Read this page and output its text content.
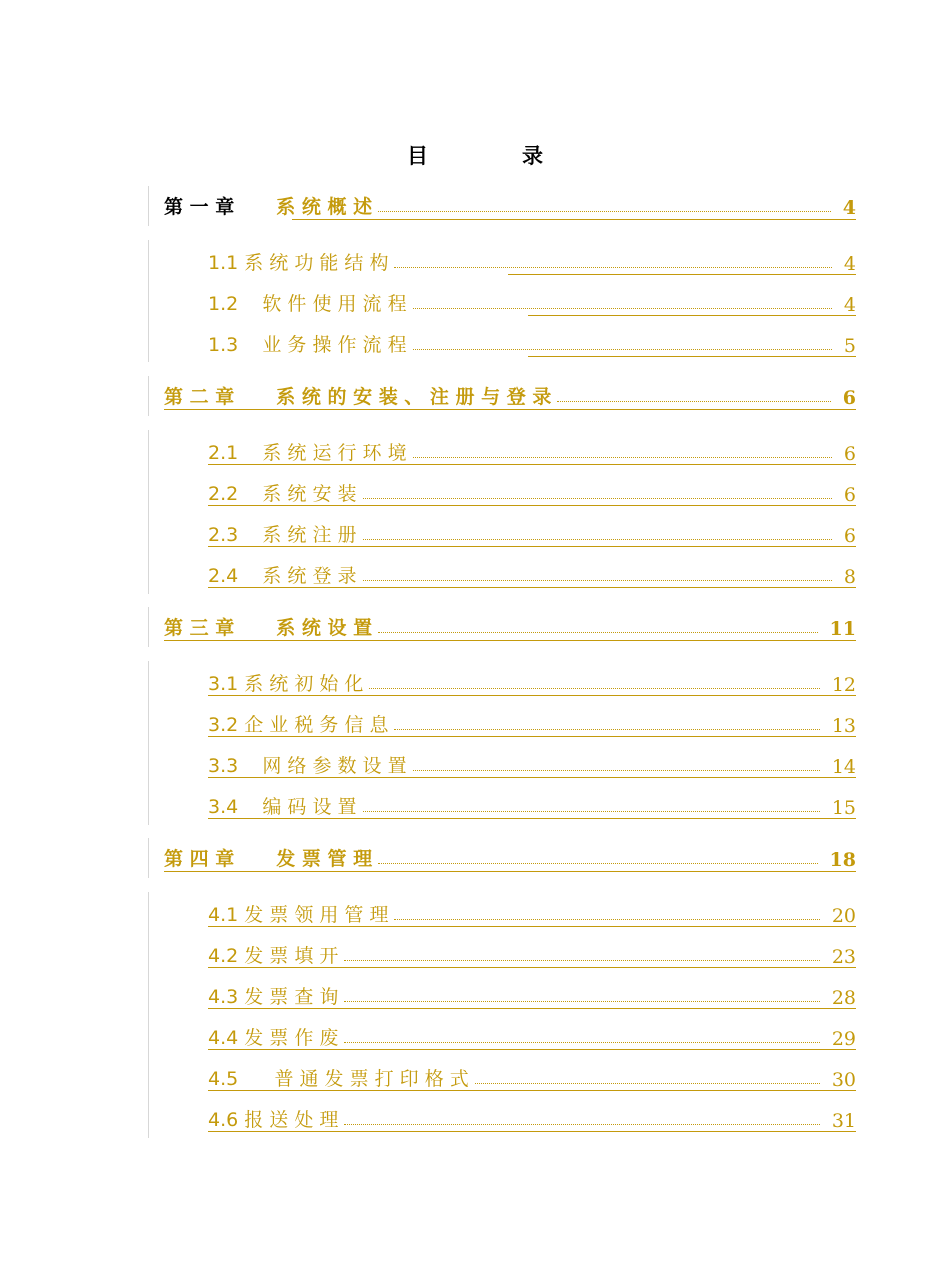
目	录
第 一 章 系 统 概 述	4
1.1 系 统 功 能 结 构	4
1.2 软 件 使 用 流 程	4
1.3 业 务 操 作 流 程	5
第 二 章 系 统 的 安 装 、 注 册 与 登 录	6
2.1 系 统 运 行 环 境	6
2.2 系 统 安 装	6
2.3 系 统 注 册	6
2.4 系 统 登 录	8
第 三 章 系 统 设 置	11
3.1 系 统 初 始 化	12
3.2 企 业 税 务 信 息	13
3.3 网 络 参 数 设 置	14
3.4 编 码 设 置	15
第 四 章 发 票 管 理	18
4.1 发 票 领 用 管 理	20
4.2 发 票 填 开	23
4.3 发 票 查 询	28
4.4 发 票 作 废	29
4.5 普 通 发 票 打 印 格 式	30
4.6 报 送 处 理	31
